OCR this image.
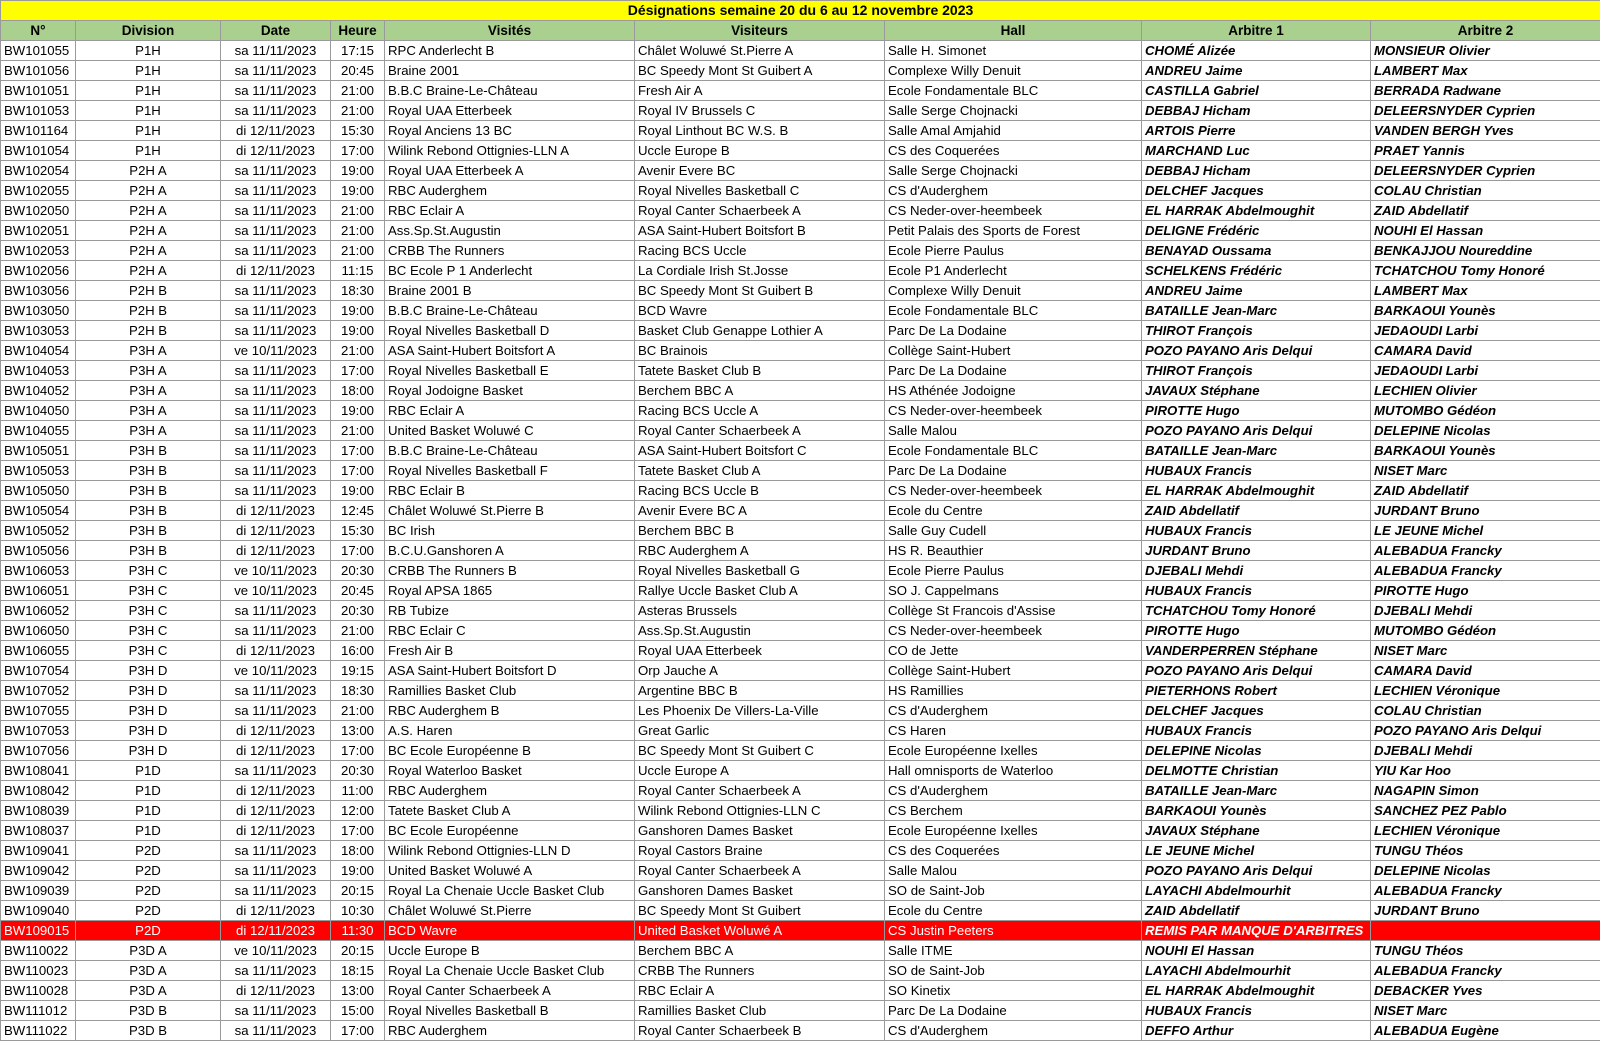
Désignations semaine 20 du 6 au 12 novembre 2023								
N°	Division	Date	Heure	Visités	Visiteurs	Hall	Arbitre 1	Arbitre 2
BW101055	P1H	sa 11/11/2023	17:15	RPC Anderlecht B	Châlet Woluwé St.Pierre A	Salle H. Simonet	CHOMÉ Alizée	MONSIEUR Olivier
BW101056	P1H	sa 11/11/2023	20:45	Braine 2001	BC Speedy Mont St Guibert A	Complexe Willy Denuit	ANDREU Jaime	LAMBERT Max
BW101051	P1H	sa 11/11/2023	21:00	B.B.C Braine-Le-Château	Fresh Air A	Ecole Fondamentale BLC	CASTILLA Gabriel	BERRADA Radwane
BW101053	P1H	sa 11/11/2023	21:00	Royal UAA Etterbeek	Royal IV Brussels C	Salle Serge Chojnacki	DEBBAJ Hicham	DELEERSNYDER Cyprien
BW101164	P1H	di 12/11/2023	15:30	Royal Anciens 13 BC	Royal Linthout BC W.S. B	Salle Amal Amjahid	ARTOIS Pierre	VANDEN BERGH Yves
BW101054	P1H	di 12/11/2023	17:00	Wilink Rebond Ottignies-LLN A	Uccle Europe B	CS des Coquerées	MARCHAND Luc	PRAET Yannis
BW102054	P2H A	sa 11/11/2023	19:00	Royal UAA Etterbeek A	Avenir Evere BC	Salle Serge Chojnacki	DEBBAJ Hicham	DELEERSNYDER Cyprien
BW102055	P2H A	sa 11/11/2023	19:00	RBC Auderghem	Royal Nivelles Basketball C	CS d'Auderghem	DELCHEF Jacques	COLAU Christian
BW102050	P2H A	sa 11/11/2023	21:00	RBC Eclair A	Royal Canter Schaerbeek A	CS Neder-over-heembeek	EL HARRAK Abdelmoughit	ZAID Abdellatif
BW102051	P2H A	sa 11/11/2023	21:00	Ass.Sp.St.Augustin	ASA Saint-Hubert Boitsfort B	Petit Palais des Sports de Forest	DELIGNE Frédéric	NOUHI El Hassan
BW102053	P2H A	sa 11/11/2023	21:00	CRBB The Runners	Racing BCS Uccle	Ecole Pierre Paulus	BENAYAD Oussama	BENKAJJOU Noureddine
BW102056	P2H A	di 12/11/2023	11:15	BC Ecole P 1 Anderlecht	La Cordiale Irish St.Josse	Ecole P1 Anderlecht	SCHELKENS Frédéric	TCHATCHOU Tomy Honoré
BW103056	P2H B	sa 11/11/2023	18:30	Braine 2001 B	BC Speedy Mont St Guibert B	Complexe Willy Denuit	ANDREU Jaime	LAMBERT Max
BW103050	P2H B	sa 11/11/2023	19:00	B.B.C Braine-Le-Château	BCD Wavre	Ecole Fondamentale BLC	BATAILLE Jean-Marc	BARKAOUI Younès
BW103053	P2H B	sa 11/11/2023	19:00	Royal Nivelles Basketball D	Basket Club Genappe Lothier A	Parc De La Dodaine	THIROT François	JEDAOUDI Larbi
BW104054	P3H A	ve 10/11/2023	21:00	ASA Saint-Hubert Boitsfort A	BC Brainois	Collège Saint-Hubert	POZO PAYANO Aris Delqui	CAMARA David
BW104053	P3H A	sa 11/11/2023	17:00	Royal Nivelles Basketball E	Tatete Basket Club B	Parc De La Dodaine	THIROT François	JEDAOUDI Larbi
BW104052	P3H A	sa 11/11/2023	18:00	Royal Jodoigne Basket	Berchem BBC A	HS Athénée Jodoigne	JAVAUX Stéphane	LECHIEN Olivier
BW104050	P3H A	sa 11/11/2023	19:00	RBC Eclair A	Racing BCS Uccle A	CS Neder-over-heembeek	PIROTTE Hugo	MUTOMBO Gédéon
BW104055	P3H A	sa 11/11/2023	21:00	United Basket Woluwé C	Royal Canter Schaerbeek A	Salle Malou	POZO PAYANO Aris Delqui	DELEPINE Nicolas
BW105051	P3H B	sa 11/11/2023	17:00	B.B.C Braine-Le-Château	ASA Saint-Hubert Boitsfort C	Ecole Fondamentale BLC	BATAILLE Jean-Marc	BARKAOUI Younès
BW105053	P3H B	sa 11/11/2023	17:00	Royal Nivelles Basketball F	Tatete Basket Club A	Parc De La Dodaine	HUBAUX Francis	NISET Marc
BW105050	P3H B	sa 11/11/2023	19:00	RBC Eclair B	Racing BCS Uccle B	CS Neder-over-heembeek	EL HARRAK Abdelmoughit	ZAID Abdellatif
BW105054	P3H B	di 12/11/2023	12:45	Châlet Woluwé St.Pierre B	Avenir Evere BC A	Ecole du Centre	ZAID Abdellatif	JURDANT Bruno
BW105052	P3H B	di 12/11/2023	15:30	BC Irish	Berchem BBC B	Salle Guy Cudell	HUBAUX Francis	LE JEUNE Michel
BW105056	P3H B	di 12/11/2023	17:00	B.C.U.Ganshoren A	RBC Auderghem A	HS R. Beauthier	JURDANT Bruno	ALEBADUA Francky
BW106053	P3H C	ve 10/11/2023	20:30	CRBB The Runners B	Royal Nivelles Basketball G	Ecole Pierre Paulus	DJEBALI Mehdi	ALEBADUA Francky
BW106051	P3H C	ve 10/11/2023	20:45	Royal APSA 1865	Rallye Uccle Basket Club A	SO J. Cappelmans	HUBAUX Francis	PIROTTE Hugo
BW106052	P3H C	sa 11/11/2023	20:30	RB Tubize	Asteras Brussels	Collège St Francois d'Assise	TCHATCHOU Tomy Honoré	DJEBALI Mehdi
BW106050	P3H C	sa 11/11/2023	21:00	RBC Eclair C	Ass.Sp.St.Augustin	CS Neder-over-heembeek	PIROTTE Hugo	MUTOMBO Gédéon
BW106055	P3H C	di 12/11/2023	16:00	Fresh Air B	Royal UAA Etterbeek	CO de Jette	VANDERPERREN Stéphane	NISET Marc
BW107054	P3H D	ve 10/11/2023	19:15	ASA Saint-Hubert Boitsfort D	Orp Jauche A	Collège Saint-Hubert	POZO PAYANO Aris Delqui	CAMARA David
BW107052	P3H D	sa 11/11/2023	18:30	Ramillies Basket Club	Argentine BBC B	HS Ramillies	PIETERHONS Robert	LECHIEN Véronique
BW107055	P3H D	sa 11/11/2023	21:00	RBC Auderghem B	Les Phoenix De Villers-La-Ville	CS d'Auderghem	DELCHEF Jacques	COLAU Christian
BW107053	P3H D	di 12/11/2023	13:00	A.S. Haren	Great Garlic	CS Haren	HUBAUX Francis	POZO PAYANO Aris Delqui
BW107056	P3H D	di 12/11/2023	17:00	BC Ecole Européenne B	BC Speedy Mont St Guibert C	Ecole Européenne Ixelles	DELEPINE Nicolas	DJEBALI Mehdi
BW108041	P1D	sa 11/11/2023	20:30	Royal Waterloo Basket	Uccle Europe A	Hall omnisports de Waterloo	DELMOTTE Christian	YIU Kar Hoo
BW108042	P1D	di 12/11/2023	11:00	RBC Auderghem	Royal Canter Schaerbeek A	CS d'Auderghem	BATAILLE Jean-Marc	NAGAPIN Simon
BW108039	P1D	di 12/11/2023	12:00	Tatete Basket Club A	Wilink Rebond Ottignies-LLN C	CS Berchem	BARKAOUI Younès	SANCHEZ PEZ Pablo
BW108037	P1D	di 12/11/2023	17:00	BC Ecole Européenne	Ganshoren Dames Basket	Ecole Européenne Ixelles	JAVAUX Stéphane	LECHIEN Véronique
BW109041	P2D	sa 11/11/2023	18:00	Wilink Rebond Ottignies-LLN D	Royal Castors Braine	CS des Coquerées	LE JEUNE Michel	TUNGU Théos
BW109042	P2D	sa 11/11/2023	19:00	United Basket Woluwé A	Royal Canter Schaerbeek A	Salle Malou	POZO PAYANO Aris Delqui	DELEPINE Nicolas
BW109039	P2D	sa 11/11/2023	20:15	Royal La Chenaie Uccle Basket Club	Ganshoren Dames Basket	SO de Saint-Job	LAYACHI Abdelmourhit	ALEBADUA Francky
BW109040	P2D	di 12/11/2023	10:30	Châlet Woluwé St.Pierre	BC Speedy Mont St Guibert	Ecole du Centre	ZAID Abdellatif	JURDANT Bruno
BW109015	P2D	di 12/11/2023	11:30	BCD Wavre	United Basket Woluwé A	CS Justin Peeters	REMIS PAR MANQUE D'ARBITRES	
BW110022	P3D A	ve 10/11/2023	20:15	Uccle Europe B	Berchem BBC A	Salle ITME	NOUHI El Hassan	TUNGU Théos
BW110023	P3D A	sa 11/11/2023	18:15	Royal La Chenaie Uccle Basket Club	CRBB The Runners	SO de Saint-Job	LAYACHI Abdelmourhit	ALEBADUA Francky
BW110028	P3D A	di 12/11/2023	13:00	Royal Canter Schaerbeek A	RBC Eclair A	SO Kinetix	EL HARRAK Abdelmoughit	DEBACKER Yves
BW111012	P3D B	sa 11/11/2023	15:00	Royal Nivelles Basketball B	Ramillies Basket Club	Parc De La Dodaine	HUBAUX Francis	NISET Marc
BW111022	P3D B	sa 11/11/2023	17:00	RBC Auderghem	Royal Canter Schaerbeek B	CS d'Auderghem	DEFFO Arthur	ALEBADUA Eugène
